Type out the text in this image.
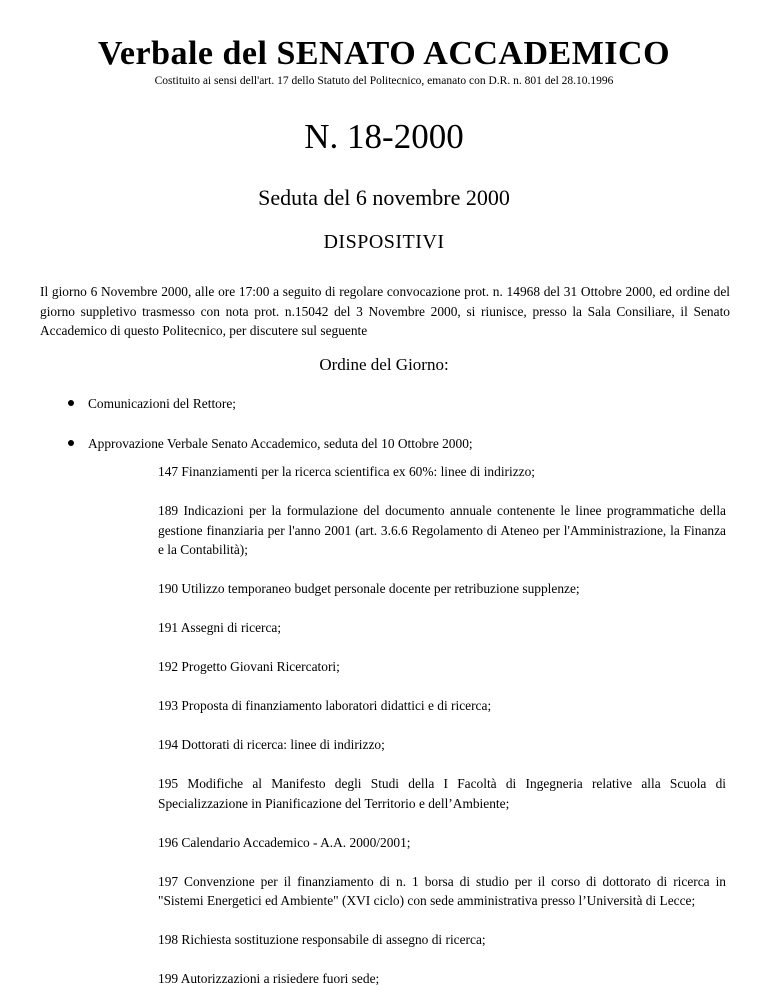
Verbale del SENATO ACCADEMICO
Costituito ai sensi dell'art. 17 dello Statuto del Politecnico, emanato con D.R. n. 801 del 28.10.1996
N. 18-2000
Seduta del 6 novembre 2000
DISPOSITIVI

Il giorno 6 Novembre 2000, alle ore 17:00 a seguito di regolare convocazione prot. n. 14968 del 31 Ottobre 2000, ed ordine del giorno suppletivo trasmesso con nota prot. n.15042 del 3 Novembre 2000, si riunisce, presso la Sala Consiliare, il Senato Accademico di questo Politecnico, per discutere sul seguente

Ordine del Giorno:
Comunicazioni del Rettore;
Approvazione Verbale Senato Accademico, seduta del 10 Ottobre 2000;

147 Finanziamenti per la ricerca scientifica ex 60%: linee di indirizzo;

189 Indicazioni per la formulazione del documento annuale contenente le linee programmatiche della gestione finanziaria per l'anno 2001 (art. 3.6.6 Regolamento di Ateneo per l'Amministrazione, la Finanza e la Contabilità);

190 Utilizzo temporaneo budget personale docente per retribuzione supplenze;

191 Assegni di ricerca;

192 Progetto Giovani Ricercatori;

193 Proposta di finanziamento laboratori didattici e di ricerca;

194 Dottorati di ricerca: linee di indirizzo;

195 Modifiche al Manifesto degli Studi della I Facoltà di Ingegneria relative alla Scuola di Specializzazione in Pianificazione del Territorio e dell’Ambiente;

196 Calendario Accademico - A.A. 2000/2001;

197 Convenzione per il finanziamento di n. 1 borsa di studio per il corso di dottorato di ricerca in "Sistemi Energetici ed Ambiente" (XVI ciclo) con sede amministrativa presso l’Università di Lecce;

198 Richiesta sostituzione responsabile di assegno di ricerca;

199 Autorizzazioni a risiedere fuori sede;
